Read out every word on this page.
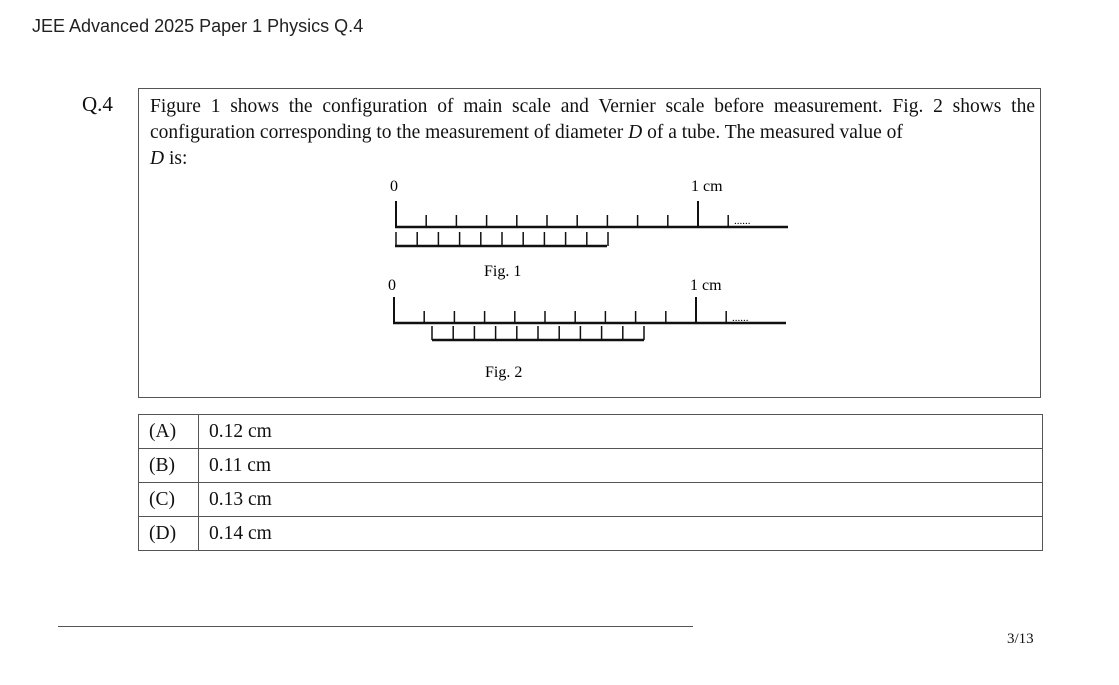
JEE Advanced 2025 Paper 1 Physics Q.4
Q.4 Figure 1 shows the configuration of main scale and Vernier scale before measurement. Fig. 2 shows the configuration corresponding to the measurement of diameter D of a tube. The measured value of
D is:
0	1 cm
......
Fig. 1
0	1 cm
......
Fig. 2
(A)	0.12 cm
(B)	0.11 cm
(C)	0.13 cm
(D)	0.14 cm
3/13
